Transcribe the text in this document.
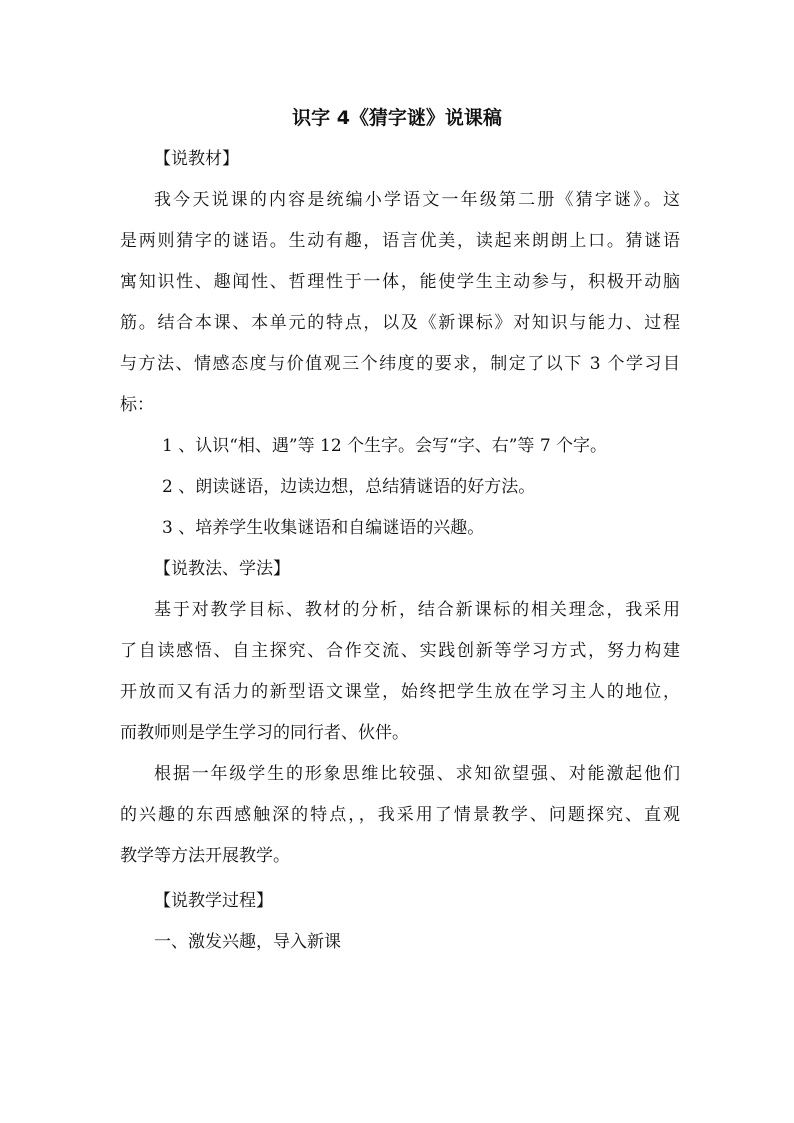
识字 4《猜字谜》说课稿

【说教材】

我今天说课的内容是统编小学语文一年级第二册《猜字谜》。这

是两则猜字的谜语。生动有趣，语言优美，读起来朗朗上口。猜谜语

寓知识性、趣闻性、哲理性于一体，能使学生主动参与，积极开动脑

筋。结合本课、本单元的特点，以及《新课标》对知识与能力、过程

与方法、情感态度与价值观三个纬度的要求，制定了以下 3 个学习目

标：

1 、认识“相、遇”等 12 个生字。会写“字、右”等 7 个字。

2 、朗读谜语，边读边想，总结猜谜语的好方法。

3 、培养学生收集谜语和自编谜语的兴趣。

【说教法、学法】

基于对教学目标、教材的分析，结合新课标的相关理念，我采用

了自读感悟、自主探究、合作交流、实践创新等学习方式，努力构建

开放而又有活力的新型语文课堂，始终把学生放在学习主人的地位，

而教师则是学生学习的同行者、伙伴。

根据一年级学生的形象思维比较强、求知欲望强、对能激起他们

的兴趣的东西感触深的特点，，我采用了情景教学、问题探究、直观

教学等方法开展教学。

【说教学过程】

一、激发兴趣，导入新课
